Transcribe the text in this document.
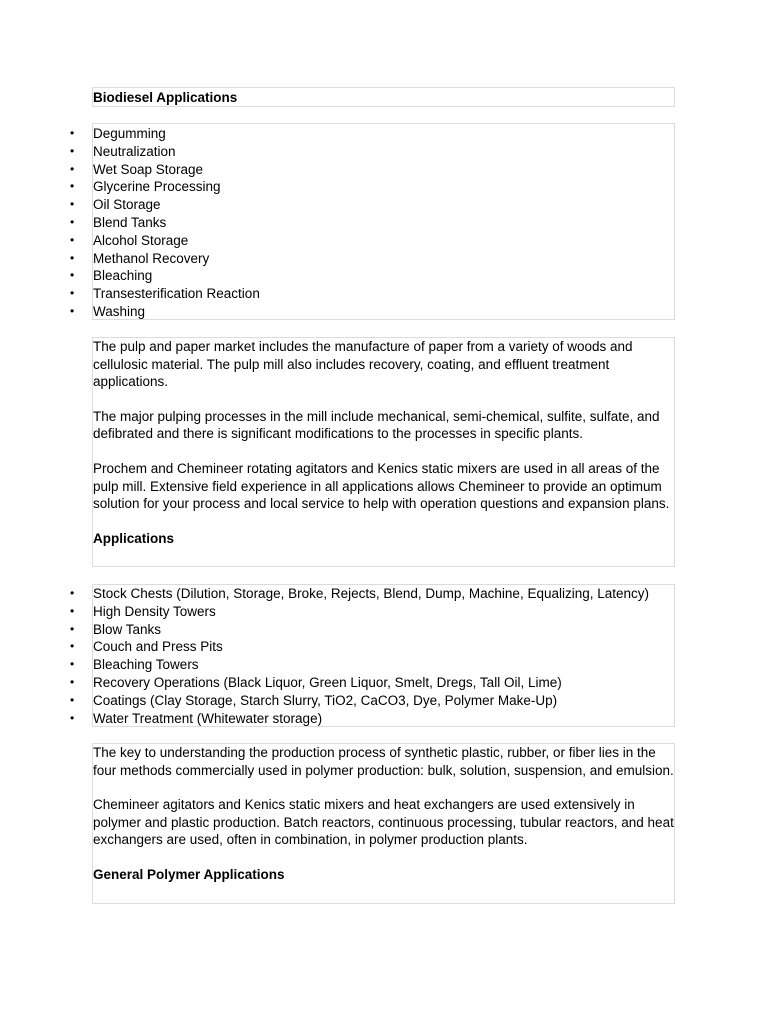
Biodiesel Applications

• Degumming
• Neutralization
• Wet Soap Storage
• Glycerine Processing
• Oil Storage
• Blend Tanks
• Alcohol Storage
• Methanol Recovery
• Bleaching
• Transesterification Reaction
• Washing

The pulp and paper market includes the manufacture of paper from a variety of woods and cellulosic material. The pulp mill also includes recovery, coating, and effluent treatment applications.

The major pulping processes in the mill include mechanical, semi-chemical, sulfite, sulfate, and defibrated and there is significant modifications to the processes in specific plants.

Prochem and Chemineer rotating agitators and Kenics static mixers are used in all areas of the pulp mill. Extensive field experience in all applications allows Chemineer to provide an optimum solution for your process and local service to help with operation questions and expansion plans.

Applications

• Stock Chests (Dilution, Storage, Broke, Rejects, Blend, Dump, Machine, Equalizing, Latency)
• High Density Towers
• Blow Tanks
• Couch and Press Pits
• Bleaching Towers
• Recovery Operations (Black Liquor, Green Liquor, Smelt, Dregs, Tall Oil, Lime)
• Coatings (Clay Storage, Starch Slurry, TiO2, CaCO3, Dye, Polymer Make-Up)
• Water Treatment (Whitewater storage)

The key to understanding the production process of synthetic plastic, rubber, or fiber lies in the four methods commercially used in polymer production: bulk, solution, suspension, and emulsion.

Chemineer agitators and Kenics static mixers and heat exchangers are used extensively in polymer and plastic production. Batch reactors, continuous processing, tubular reactors, and heat exchangers are used, often in combination, in polymer production plants.

General Polymer Applications
